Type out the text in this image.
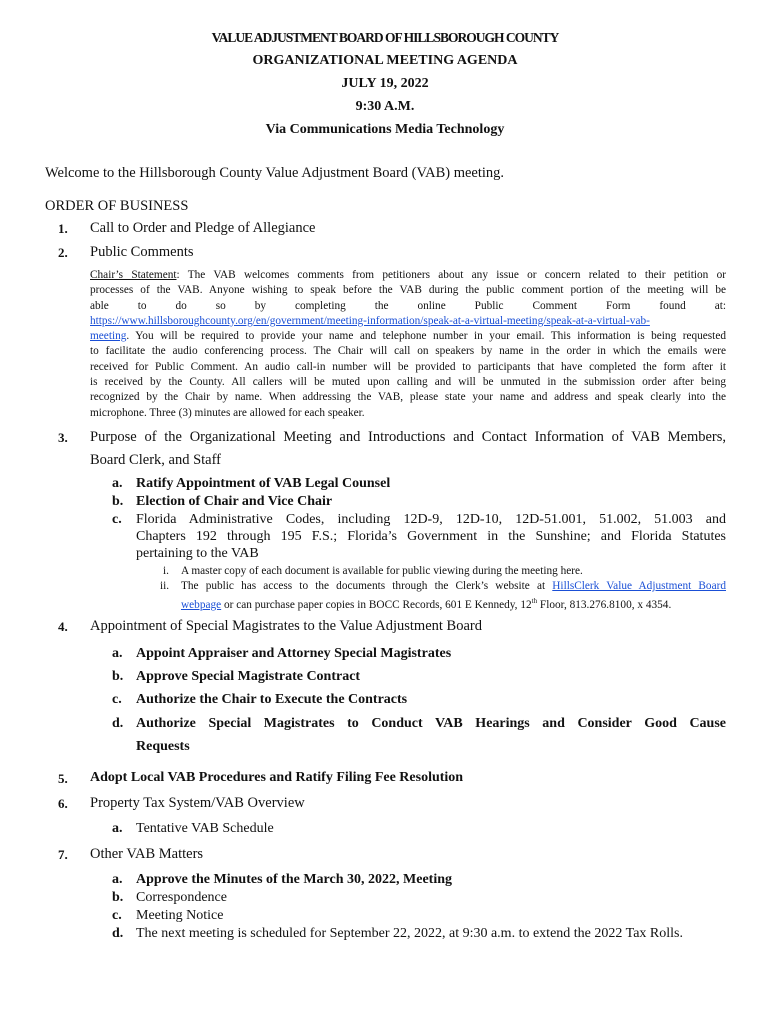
VALUE ADJUSTMENT BOARD OF HILLSBOROUGH COUNTY
ORGANIZATIONAL MEETING AGENDA
JULY 19, 2022
9:30 A.M.
Via Communications Media Technology
Welcome to the Hillsborough County Value Adjustment Board (VAB) meeting.
ORDER OF BUSINESS
1. Call to Order and Pledge of Allegiance
2. Public Comments
Chair’s Statement: The VAB welcomes comments from petitioners about any issue or concern related to their petition or
processes of the VAB. Anyone wishing to speak before the VAB during the public comment portion of the meeting will be
able to do so by completing the online Public Comment Form found at:
https://www.hillsboroughcounty.org/en/government/meeting-information/speak-at-a-virtual-meeting/speak-at-a-virtual-vab-
meeting. You will be required to provide your name and telephone number in your email. This information is being requested
to facilitate the audio conferencing process. The Chair will call on speakers by name in the order in which the emails were
received for Public Comment. An audio call-in number will be provided to participants that have completed the form after it
is received by the County. All callers will be muted upon calling and will be unmuted in the submission order after being
recognized by the Chair by name. When addressing the VAB, please state your name and address and speak clearly into the
microphone. Three (3) minutes are allowed for each speaker.
3. Purpose of the Organizational Meeting and Introductions and Contact Information of VAB Members,
Board Clerk, and Staff
a. Ratify Appointment of VAB Legal Counsel
b. Election of Chair and Vice Chair
c. Florida Administrative Codes, including 12D-9, 12D-10, 12D-51.001, 51.002, 51.003 and
Chapters 192 through 195 F.S.; Florida’s Government in the Sunshine; and Florida Statutes
pertaining to the VAB
i. A master copy of each document is available for public viewing during the meeting here.
ii. The public has access to the documents through the Clerk’s website at HillsClerk Value Adjustment Board
webpage or can purchase paper copies in BOCC Records, 601 E Kennedy, 12th Floor, 813.276.8100, x 4354.
4. Appointment of Special Magistrates to the Value Adjustment Board
a. Appoint Appraiser and Attorney Special Magistrates
b. Approve Special Magistrate Contract
c. Authorize the Chair to Execute the Contracts
d. Authorize Special Magistrates to Conduct VAB Hearings and Consider Good Cause
Requests
5. Adopt Local VAB Procedures and Ratify Filing Fee Resolution
6. Property Tax System/VAB Overview
a. Tentative VAB Schedule
7. Other VAB Matters
a. Approve the Minutes of the March 30, 2022, Meeting
b. Correspondence
c. Meeting Notice
d. The next meeting is scheduled for September 22, 2022, at 9:30 a.m. to extend the 2022 Tax Rolls.
